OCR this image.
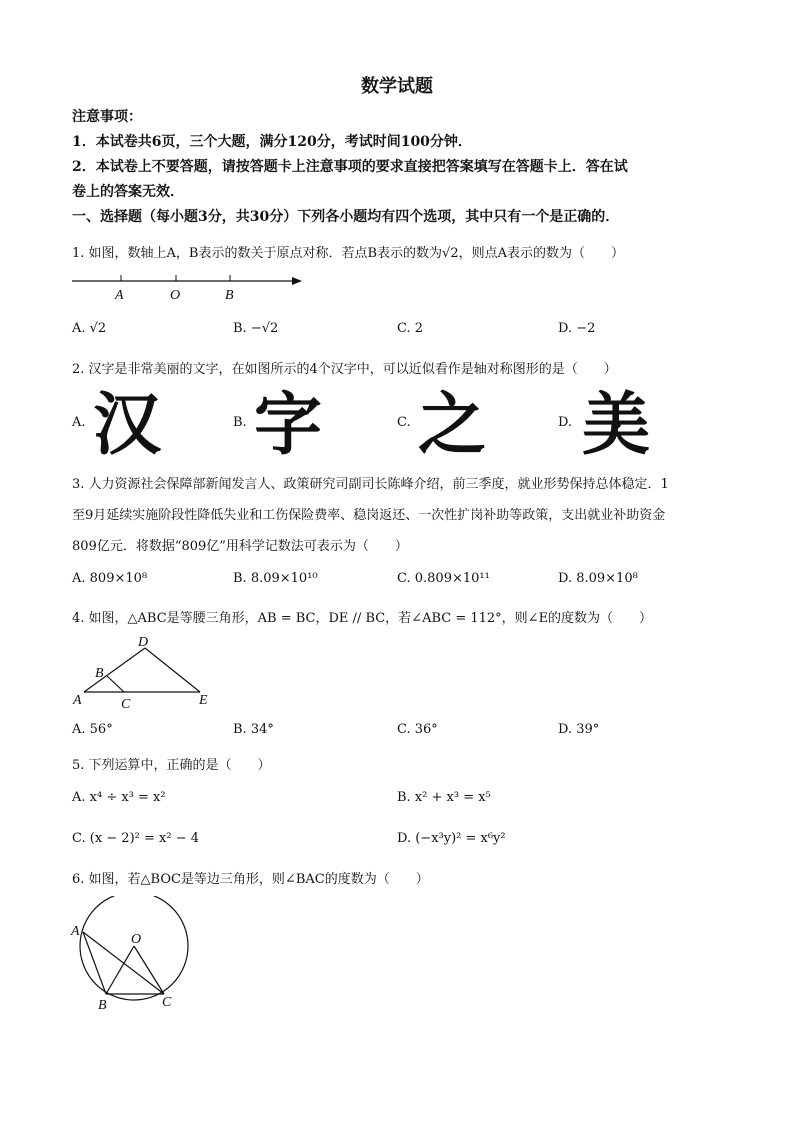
数学试题
注意事项：
1．本试卷共6页，三个大题，满分120分，考试时间100分钟．
2．本试卷上不要答题，请按答题卡上注意事项的要求直接把答案填写在答题卡上．答在试
卷上的答案无效．
一、选择题（每小题3分，共30分）下列各小题均有四个选项，其中只有一个是正确的．
1. 如图，数轴上A，B表示的数关于原点对称．若点B表示的数为√2，则点A表示的数为（　　）
A	O	B
A. √2	B. −√2	C. 2	D. −2
2. 汉字是非常美丽的文字，在如图所示的4个汉字中，可以近似看作是轴对称图形的是（　　）
A. 汉	B. 字	C. 之	D. 美
3. 人力资源社会保障部新闻发言人、政策研究司副司长陈峰介绍，前三季度，就业形势保持总体稳定．1
至9月延续实施阶段性降低失业和工伤保险费率、稳岗返还、一次性扩岗补助等政策，支出就业补助资金
809亿元．将数据“809亿”用科学记数法可表示为（　　）
A. 809×10⁸	B. 8.09×10¹⁰	C. 0.809×10¹¹	D. 8.09×10⁸
4. 如图，△ABC是等腰三角形，AB = BC，DE // BC，若∠ABC = 112°，则∠E的度数为（　　）
D
B
A	C	E
A. 56°	B. 34°	C. 36°	D. 39°
5. 下列运算中，正确的是（　　）
A. x⁴ ÷ x³ = x²	B. x² + x³ = x⁵
C. (x − 2)² = x² − 4	D. (−x³y)² = x⁶y²
6. 如图，若△BOC是等边三角形，则∠BAC的度数为（　　）
A
O
B	C
